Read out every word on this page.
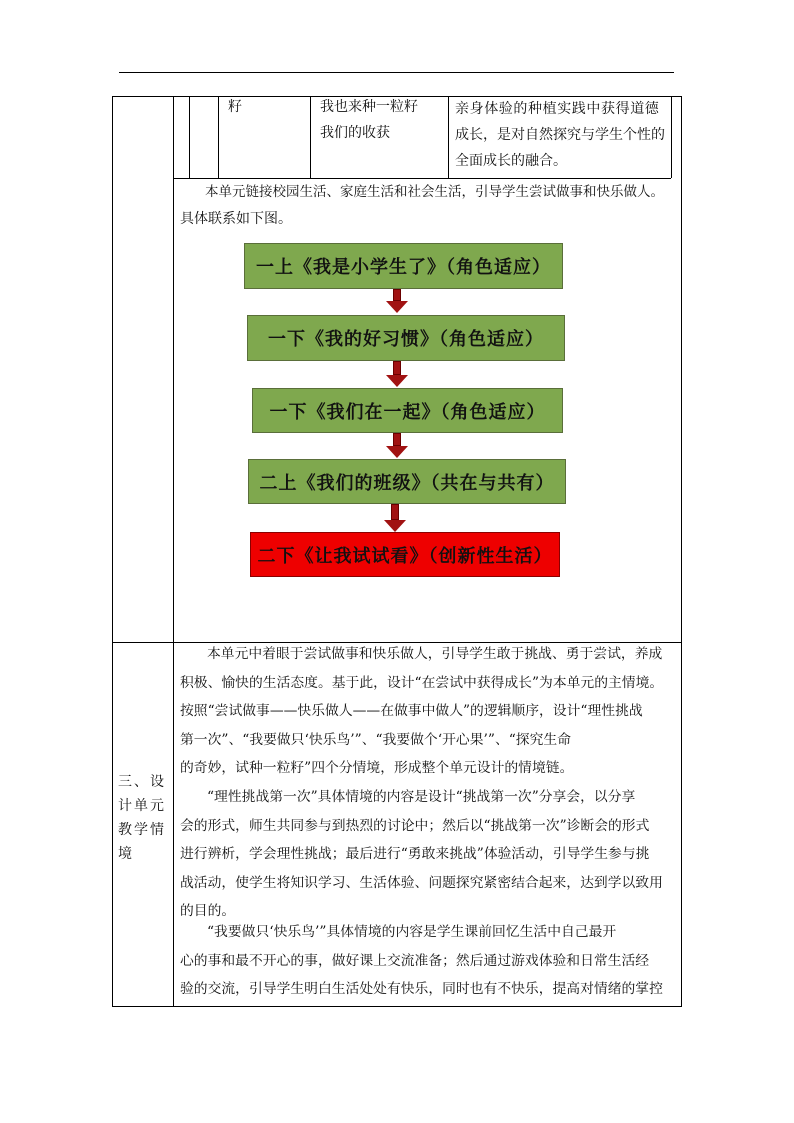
籽	我也来种一粒籽
我们的收获
亲身体验的种植实践中获得道德
成长，是对自然探究与学生个性的
全面成长的融合。
本单元链接校园生活、家庭生活和社会生活，引导学生尝试做事和快乐做人。
具体联系如下图。
一上《我是小学生了》（角色适应）
一下《我的好习惯》（角色适应）
一下《我们在一起》（角色适应）
二上《我们的班级》（共在与共有）
二下《让我试试看》（创新性生活）
三、设
计单元
教学情
境
本单元中着眼于尝试做事和快乐做人，引导学生敢于挑战、勇于尝试，养成
积极、愉快的生活态度。基于此，设计“在尝试中获得成长”为本单元的主情境。
按照“尝试做事——快乐做人——在做事中做人”的逻辑顺序，设计“理性挑战
第一次”、“我要做只‘快乐鸟’”、“我要做个‘开心果’”、“探究生命
的奇妙，试种一粒籽”四个分情境，形成整个单元设计的情境链。
“理性挑战第一次”具体情境的内容是设计“挑战第一次”分享会，以分享
会的形式，师生共同参与到热烈的讨论中；然后以“挑战第一次”诊断会的形式
进行辨析，学会理性挑战；最后进行“勇敢来挑战”体验活动，引导学生参与挑
战活动，使学生将知识学习、生活体验、问题探究紧密结合起来，达到学以致用
的目的。
“我要做只‘快乐鸟’”具体情境的内容是学生课前回忆生活中自己最开
心的事和最不开心的事，做好课上交流准备；然后通过游戏体验和日常生活经
验的交流，引导学生明白生活处处有快乐，同时也有不快乐，提高对情绪的掌控
